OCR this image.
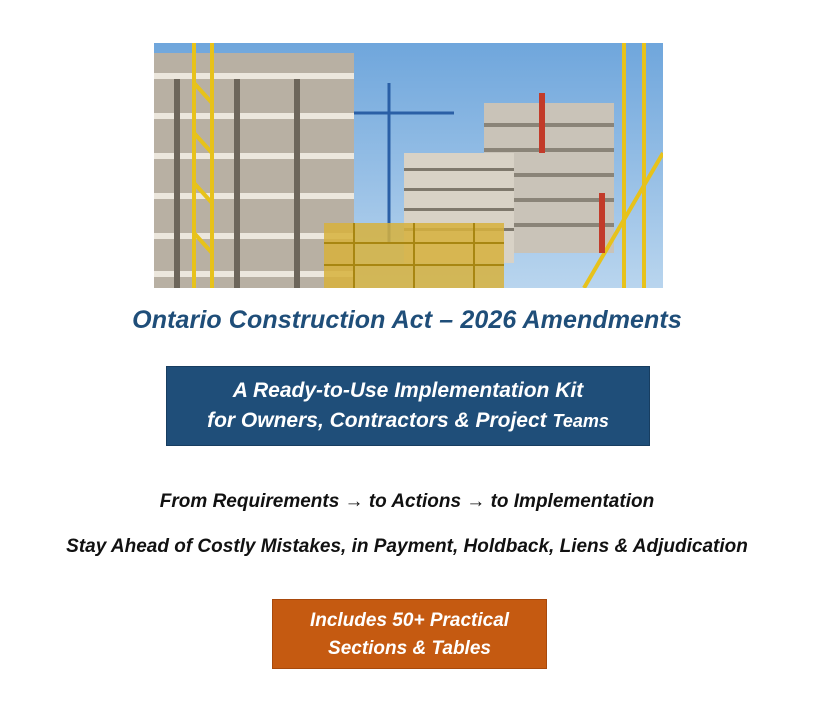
Ontario Construction Act – 2026 Amendments
A Ready-to-Use Implementation Kit
for Owners, Contractors & Project Teams
From Requirements → to Actions → to Implementation
Stay Ahead of Costly Mistakes, in Payment, Holdback, Liens & Adjudication
Includes 50+ Practical
Sections & Tables
